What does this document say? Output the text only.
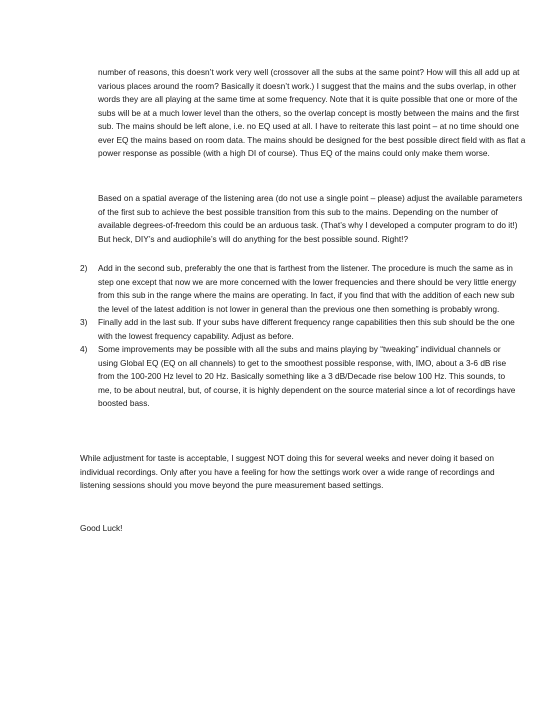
number of reasons, this doesn’t work very well (crossover all the subs at the same point? How will this all add up at various places around the room? Basically it doesn’t work.) I suggest that the mains and the subs overlap, in other words they are all playing at the same time at some frequency. Note that it is quite possible that one or more of the subs will be at a much lower level than the others, so the overlap concept is mostly between the mains and the first sub. The mains should be left alone, i.e. no EQ used at all. I have to reiterate this last point – at no time should one ever EQ the mains based on room data. The mains should be designed for the best possible direct field with as flat a power response as possible (with a high DI of course). Thus EQ of the mains could only make them worse.

Based on a spatial average of the listening area (do not use a single point – please) adjust the available parameters of the first sub to achieve the best possible transition from this sub to the mains. Depending on the number of available degrees-of-freedom this could be an arduous task. (That’s why I developed a computer program to do it!) But heck, DIY’s and audiophile’s will do anything for the best possible sound. Right!?

2) Add in the second sub, preferably the one that is farthest from the listener. The procedure is much the same as in step one except that now we are more concerned with the lower frequencies and there should be very little energy from this sub in the range where the mains are operating. In fact, if you find that with the addition of each new sub the level of the latest addition is not lower in general than the previous one then something is probably wrong.
3) Finally add in the last sub. If your subs have different frequency range capabilities then this sub should be the one with the lowest frequency capability. Adjust as before.
4) Some improvements may be possible with all the subs and mains playing by “tweaking” individual channels or using Global EQ (EQ on all channels) to get to the smoothest possible response, with, IMO, about a 3-6 dB rise from the 100-200 Hz level to 20 Hz. Basically something like a 3 dB/Decade rise below 100 Hz. This sounds, to me, to be about neutral, but, of course, it is highly dependent on the source material since a lot of recordings have boosted bass.

While adjustment for taste is acceptable, I suggest NOT doing this for several weeks and never doing it based on individual recordings. Only after you have a feeling for how the settings work over a wide range of recordings and listening sessions should you move beyond the pure measurement based settings.

Good Luck!
